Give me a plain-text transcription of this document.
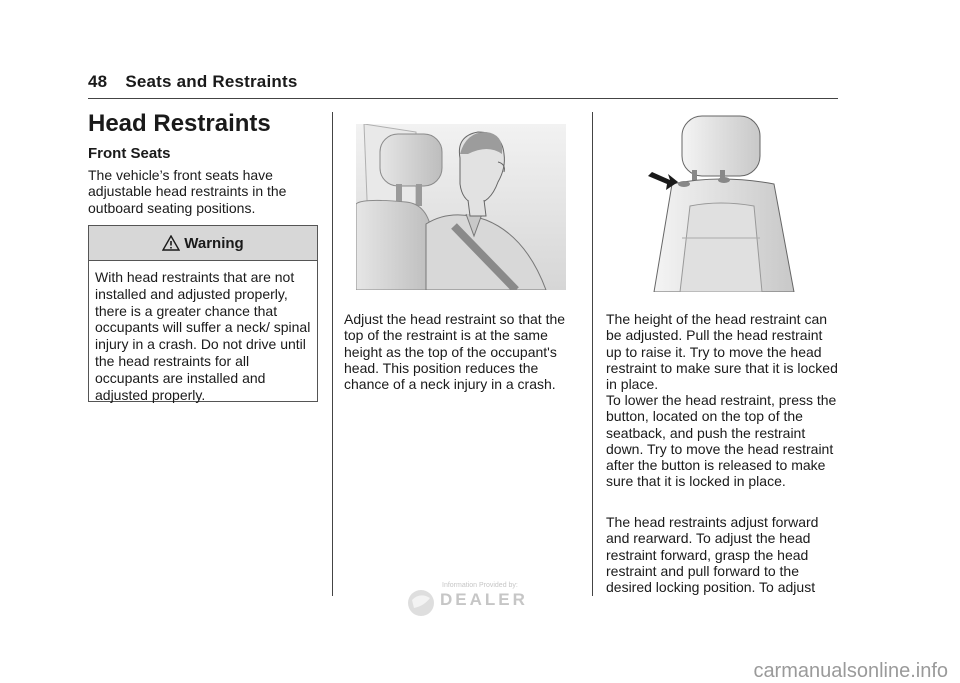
48 Seats and Restraints
Head Restraints
Front Seats

The vehicle’s front seats have adjustable head restraints in the outboard seating positions.

Warning
With head restraints that are not installed and adjusted properly, there is a greater chance that occupants will suffer a neck/ spinal injury in a crash. Do not drive until the head restraints for all occupants are installed and adjusted properly.

Adjust the head restraint so that the top of the restraint is at the same height as the top of the occupant's head. This position reduces the chance of a neck injury in a crash.

The height of the head restraint can be adjusted. Pull the head restraint up to raise it. Try to move the head restraint to make sure that it is locked in place.

To lower the head restraint, press the button, located on the top of the seatback, and push the restraint down. Try to move the head restraint after the button is released to make sure that it is locked in place.

The head restraints adjust forward and rearward. To adjust the head restraint forward, grasp the head restraint and pull forward to the desired locking position. To adjust

Information Provided by:
DEALER
carmanualsonline.info
